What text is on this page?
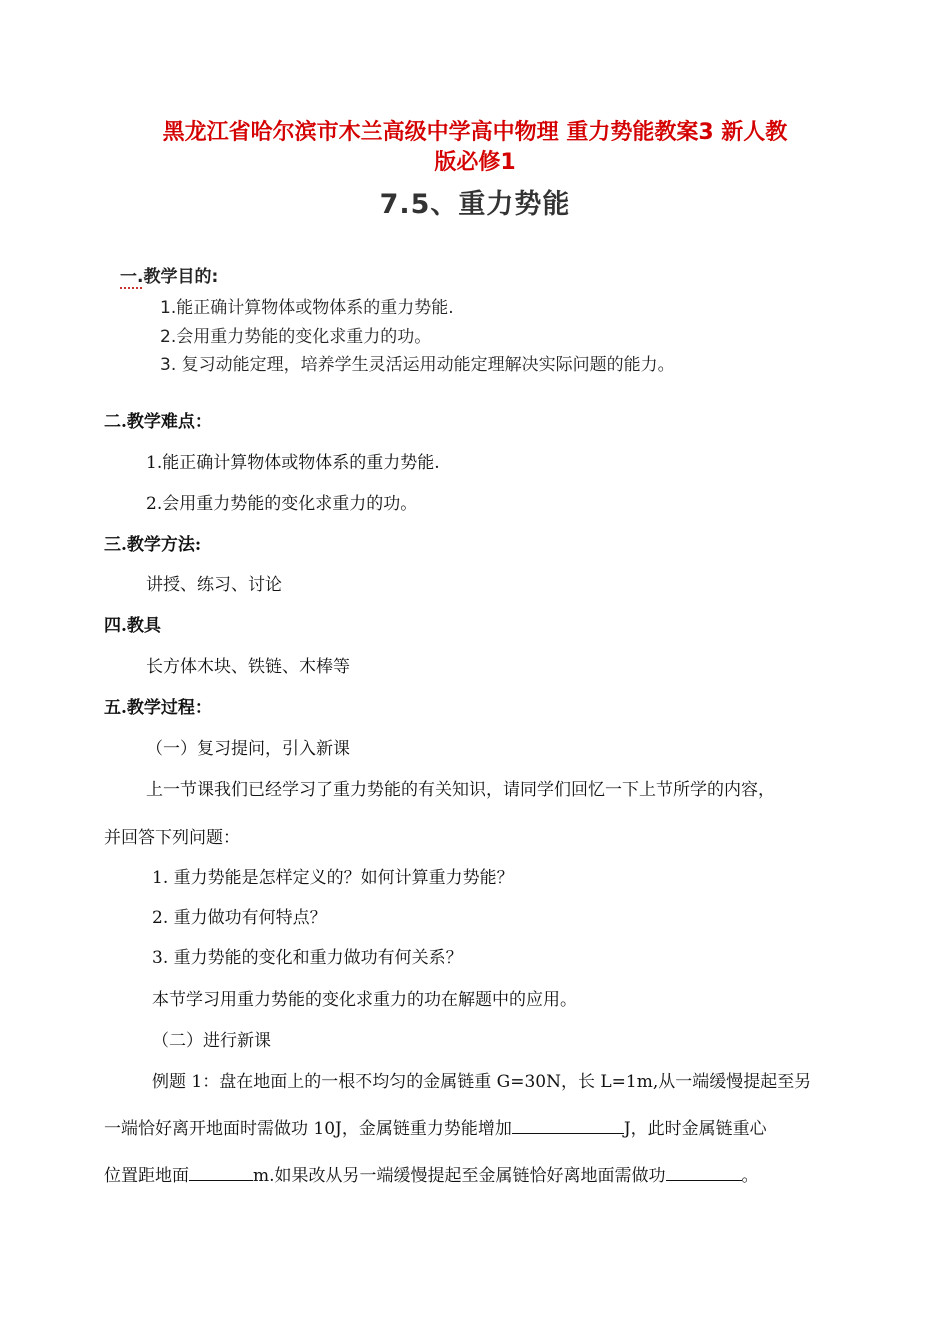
黑龙江省哈尔滨市木兰高级中学高中物理 重力势能教案3 新人教
版必修1
7.5、重力势能
一.教学目的:
1.能正确计算物体或物体系的重力势能.
2.会用重力势能的变化求重力的功。
3. 复习动能定理，培养学生灵活运用动能定理解决实际问题的能力。
二.教学难点：
1.能正确计算物体或物体系的重力势能.
2.会用重力势能的变化求重力的功。
三.教学方法:
讲授、练习、讨论
四.教具
长方体木块、铁链、木棒等
五.教学过程：
（一）复习提问，引入新课
上一节课我们已经学习了重力势能的有关知识，请同学们回忆一下上节所学的内容，
并回答下列问题：
1. 重力势能是怎样定义的？如何计算重力势能？
2. 重力做功有何特点？
3. 重力势能的变化和重力做功有何关系？
本节学习用重力势能的变化求重力的功在解题中的应用。
（二）进行新课
例题 1：盘在地面上的一根不均匀的金属链重 G=30N，长 L=1m,从一端缓慢提起至另
一端恰好离开地面时需做功 10J，金属链重力势能增加	J，此时金属链重心
位置距地面	m.如果改从另一端缓慢提起至金属链恰好离地面需做功	。
